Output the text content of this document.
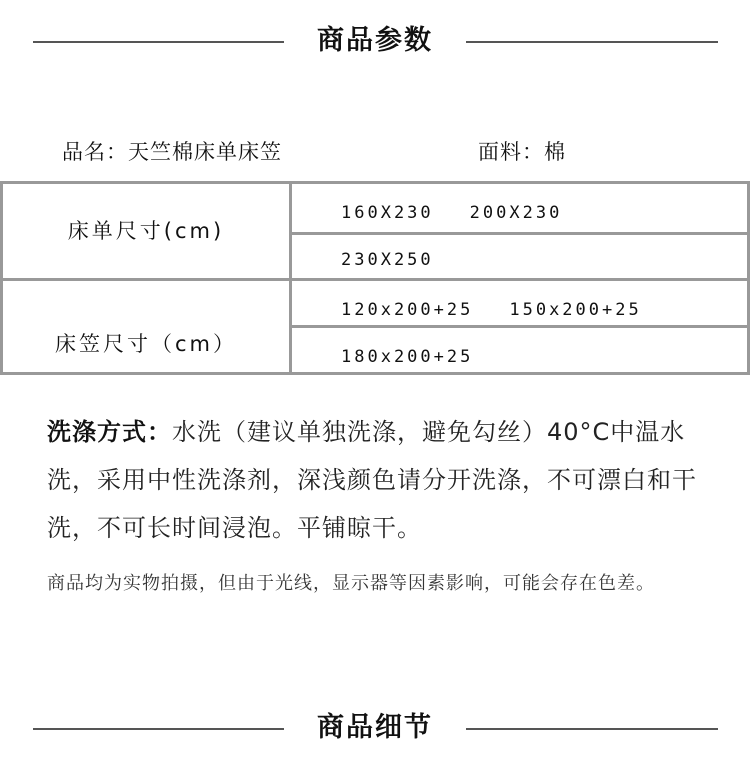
商品参数
品名：天竺棉床单床笠	面料：棉
床单尺寸(cm)
160X230 200X230
230X250
床笠尺寸（cm）
120x200+25 150x200+25
180x200+25
洗涤方式：水洗（建议单独洗涤，避免勾丝）40°C中温水洗，采用中性洗涤剂，深浅颜色请分开洗涤，不可漂白和干洗，不可长时间浸泡。平铺晾干。
商品均为实物拍摄，但由于光线，显示器等因素影响，可能会存在色差。
商品细节
